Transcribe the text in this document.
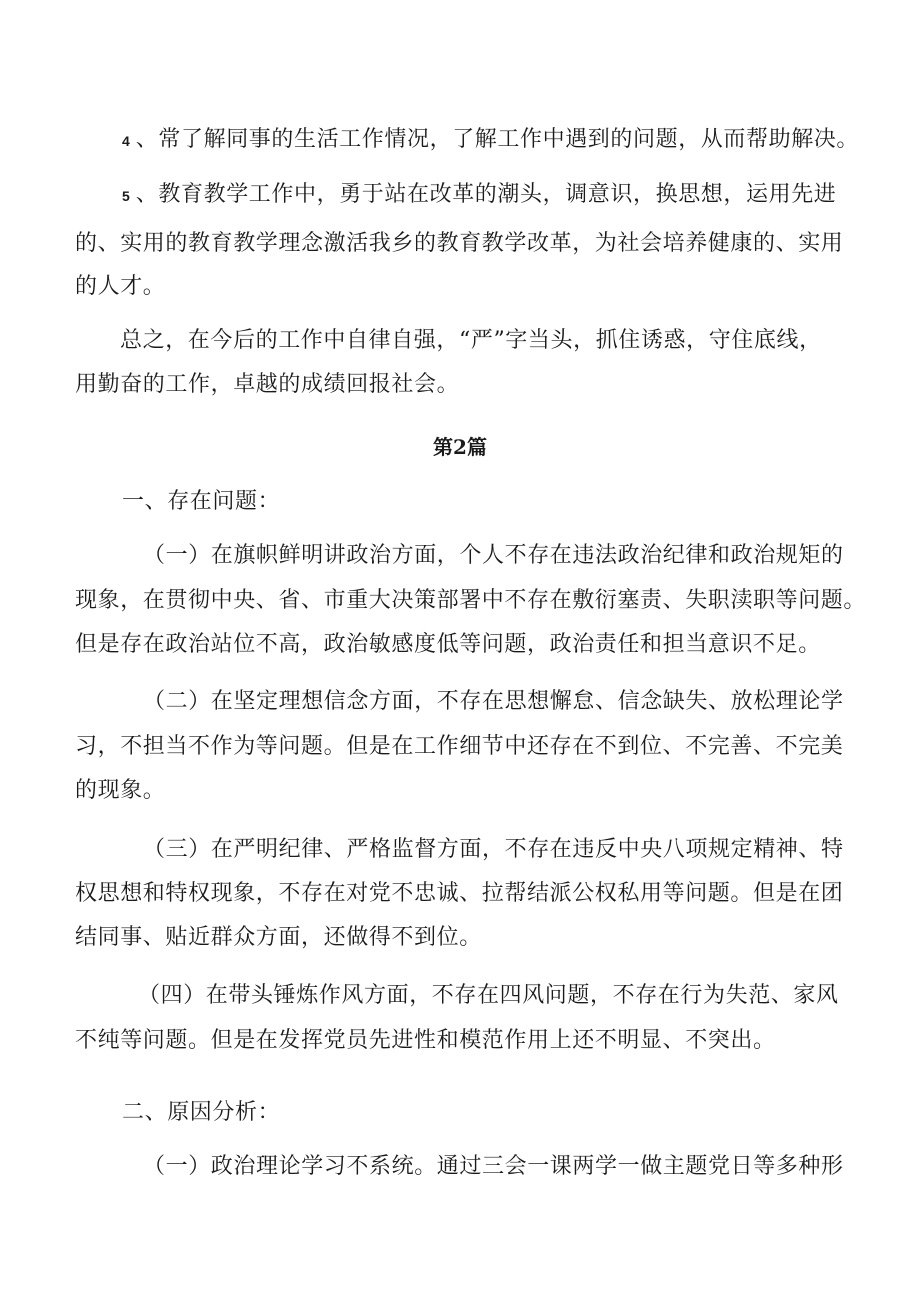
4 、常了解同事的生活工作情况，了解工作中遇到的问题，从而帮助解决。
5 、教育教学工作中，勇于站在改革的潮头，调意识，换思想，运用先进
的、实用的教育教学理念激活我乡的教育教学改革，为社会培养健康的、实用
的人才。
总之，在今后的工作中自律自强，“严”字当头，抓住诱惑，守住底线，
用勤奋的工作，卓越的成绩回报社会。
第2篇
一、存在问题：
（一）在旗帜鲜明讲政治方面，个人不存在违法政治纪律和政治规矩的
现象，在贯彻中央、省、市重大决策部署中不存在敷衍塞责、失职渎职等问题。
但是存在政治站位不高，政治敏感度低等问题，政治责任和担当意识不足。
（二）在坚定理想信念方面，不存在思想懈怠、信念缺失、放松理论学
习，不担当不作为等问题。但是在工作细节中还存在不到位、不完善、不完美
的现象。
（三）在严明纪律、严格监督方面，不存在违反中央八项规定精神、特
权思想和特权现象，不存在对党不忠诚、拉帮结派公权私用等问题。但是在团
结同事、贴近群众方面，还做得不到位。
（四）在带头锤炼作风方面，不存在四风问题，不存在行为失范、家风
不纯等问题。但是在发挥党员先进性和模范作用上还不明显、不突出。
二、原因分析：
（一）政治理论学习不系统。通过三会一课两学一做主题党日等多种形
